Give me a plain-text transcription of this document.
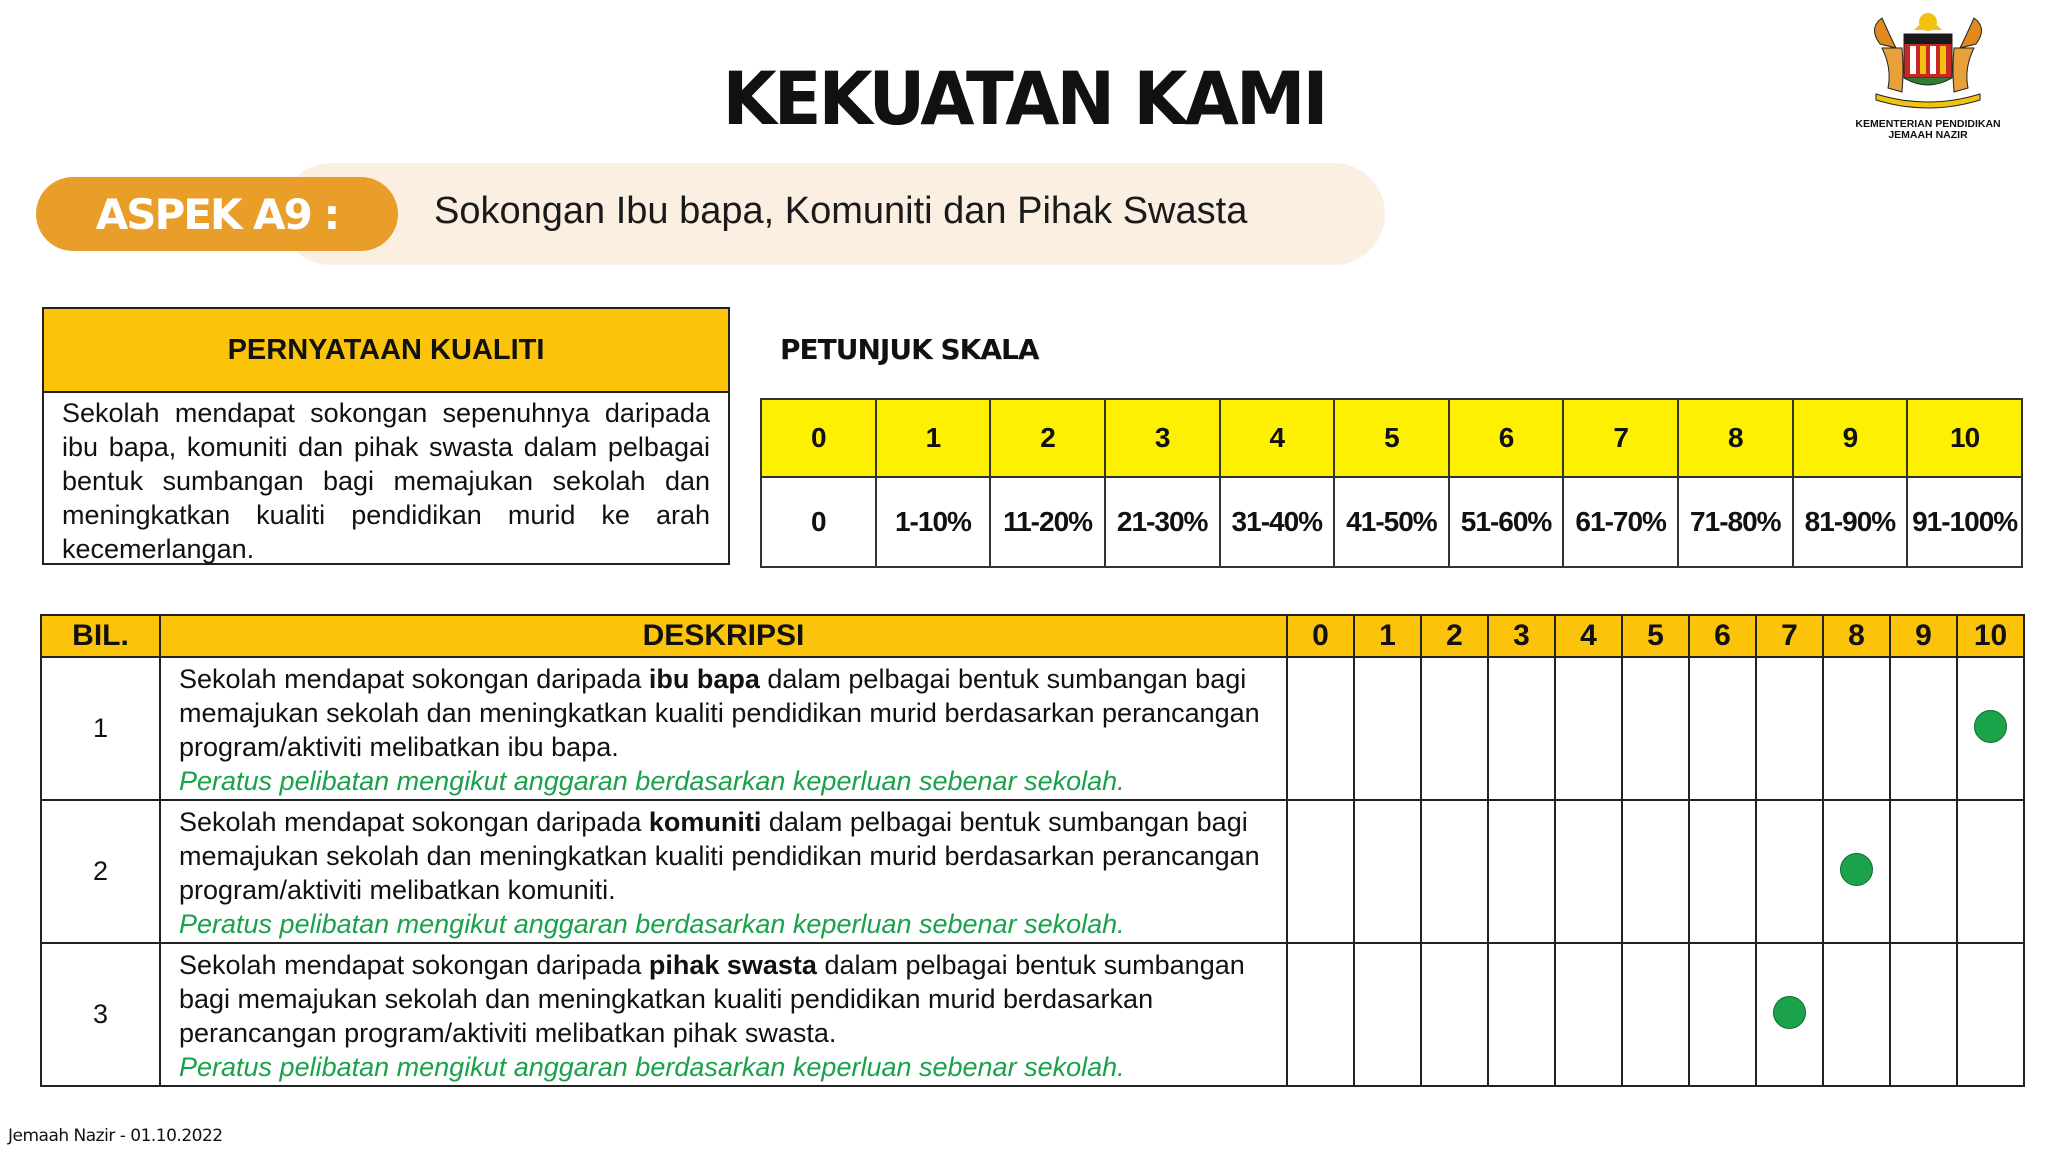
KEKUATAN KAMI	KEMENTERIAN PENDIDIKAN
JEMAAH NAZIR
ASPEK A9 :	Sokongan Ibu bapa, Komuniti dan Pihak Swasta
PERNYATAAN KUALITI
Sekolah mendapat sokongan sepenuhnya daripada ibu bapa, komuniti dan pihak swasta dalam pelbagai bentuk sumbangan bagi memajukan sekolah dan meningkatkan kualiti pendidikan murid ke arah kecemerlangan.
PETUNJUK SKALA
0	1	2	3	4	5	6	7	8	9	10
0	1-10%	11-20%	21-30%	31-40%	41-50%	51-60%	61-70%	71-80%	81-90%	91-100%
BIL.	DESKRIPSI	0	1	2	3	4	5	6	7	8	9	10
1	Sekolah mendapat sokongan daripada ibu bapa dalam pelbagai bentuk sumbangan bagi memajukan sekolah dan meningkatkan kualiti pendidikan murid berdasarkan perancangan program/aktiviti melibatkan ibu bapa.
Peratus pelibatan mengikut anggaran berdasarkan keperluan sebenar sekolah.											

2	Sekolah mendapat sokongan daripada komuniti dalam pelbagai bentuk sumbangan bagi memajukan sekolah dan meningkatkan kualiti pendidikan murid berdasarkan perancangan program/aktiviti melibatkan komuniti.
Peratus pelibatan mengikut anggaran berdasarkan keperluan sebenar sekolah.											

3	Sekolah mendapat sokongan daripada pihak swasta dalam pelbagai bentuk sumbangan bagi memajukan sekolah dan meningkatkan kualiti pendidikan murid berdasarkan perancangan program/aktiviti melibatkan pihak swasta.
Peratus pelibatan mengikut anggaran berdasarkan keperluan sebenar sekolah.											

Jemaah Nazir - 01.10.2022
